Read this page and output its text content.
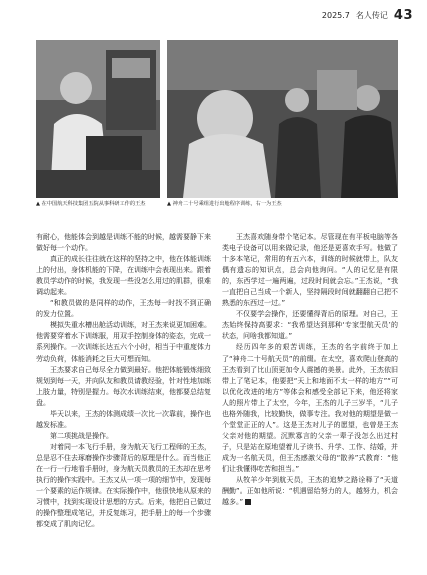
2025.7 名人传记 43
▲ 在中国航天科技集团五院从事科研工作的王杰	▲ 神舟二十号乘组进行出舱程序训练，右一为王杰

有耐心，他能体会到越是训练不能的时候，越需要静下来做好每一个动作。

真正的成长往往就在这样的坚持之中，他在体能训练上的付出，身体机能的下降，在训练中会表现出来。跟着教员学动作的时候，我发现一些没怎么用过的肌群，很难调动起来。

“和教员做的是同样的动作，王杰每一时找不到正确的发力位置。

模拟失重水槽出舱活动训练，对王杰来说更加困难。他需要穿着水下训练服，用双手控制身体的姿态，完成一系列操作。一次训练长达五六个小时，相当于中重度体力劳动负荷，体能消耗之巨大可想而知。

王杰要求自己每尽全力做到最好。他把体能锻炼细致规划到每一天，并向队友和教员请教经验，针对性地加练上肢力量，特别是握力。每次水训练结束，他都要总结复盘。

毕天以来，王杰的体测成绩一次比一次靠前，操作也越发标准。

第二项挑战是操作。

对着同一本飞行手册，身为航天飞行工程师的王杰，总是忍不住去琢磨操作步骤背后的原理是什么。而当他正在一行一行地看手册时，身为航天员教员的王杰却在思考执行的操作实践中。王杰又从一项一项的细节中，发现每一个要素的运作规律。在实际操作中，他很快地从原来的习惯中，找到实现设计思想的方式。后来，他把自己做过的操作整理成笔记，并反复练习，把手册上的每一个步骤都变成了肌肉记忆。

王杰喜欢随身带个笔记本。尽管现在有平板电脑等各类电子设备可以用来做记录，他还是更喜欢手写。他做了十多本笔记，常用的有五六本，训练的时候就带上，队友偶有遗忘的知识点，总会向他询问。“人的记忆是有限的，东西学过一遍两遍，过段时间就会忘。”王杰说，“我一直把自己当成一个新人，坚持隔段时间就翻翻自己把不熟悉的东西过一过。”

不仅要学会操作，还要懂得背后的原理。对自己，王杰始终保持高要求：“我希望达到那种‘专家型航天员’的状态，问啥我都知道。”

经历四年多的艰苦训练，王杰的名字前终于加上了“神舟二十号航天员”的前缀。在太空，喜欢爬山登高的王杰看到了比山顶更加令人震撼的美景。此外，王杰依旧带上了笔记本，他要把“天上和地面不太一样的地方”“可以优化改进的地方”等体会和感受全部记下来，他还将家人的照片带上了太空，今年，王杰的儿子三岁半，“儿子也格外随我，比较勤快，做事专注。我对他的期望是做一个堂堂正正的人”。这是王杰对儿子的愿望，也曾是王杰父亲对他的期望。沉默寡言的父亲一辈子没怎么出过村子，只是站在原地望着儿子读书、升学、工作、结婚，并成为一名航天员，但王杰感激父母的“散养”式教育：“他们让我懂得吃苦和担当。”

从牧羊少年到航天员，王杰的追梦之路诠释了“天道酬勤”。正如他所说：“机遇留给努力的人，越努力，机会越多。”
